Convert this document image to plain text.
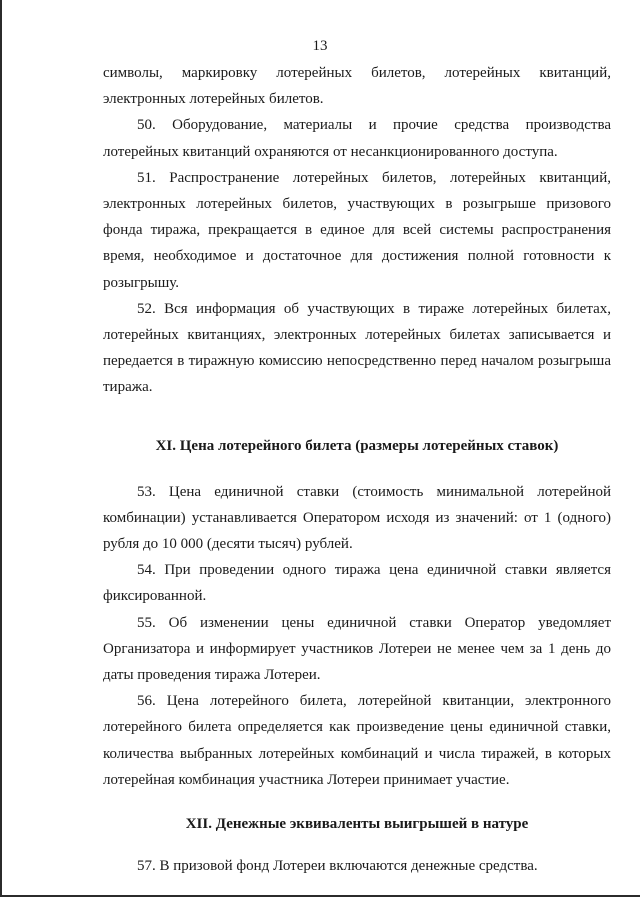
13

символы, маркировку лотерейных билетов, лотерейных квитанций, электронных лотерейных билетов.

50. Оборудование, материалы и прочие средства производства лотерейных квитанций охраняются от несанкционированного доступа.

51. Распространение лотерейных билетов, лотерейных квитанций, электронных лотерейных билетов, участвующих в розыгрыше призового фонда тиража, прекращается в единое для всей системы распространения время, необходимое и достаточное для достижения полной готовности к розыгрышу.

52. Вся информация об участвующих в тираже лотерейных билетах, лотерейных квитанциях, электронных лотерейных билетах записывается и передается в тиражную комиссию непосредственно перед началом розыгрыша тиража.

XI. Цена лотерейного билета (размеры лотерейных ставок)

53. Цена единичной ставки (стоимость минимальной лотерейной комбинации) устанавливается Оператором исходя из значений: от 1 (одного) рубля до 10 000 (десяти тысяч) рублей.

54. При проведении одного тиража цена единичной ставки является фиксированной.

55. Об изменении цены единичной ставки Оператор уведомляет Организатора и информирует участников Лотереи не менее чем за 1 день до даты проведения тиража Лотереи.

56. Цена лотерейного билета, лотерейной квитанции, электронного лотерейного билета определяется как произведение цены единичной ставки, количества выбранных лотерейных комбинаций и числа тиражей, в которых лотерейная комбинация участника Лотереи принимает участие.

XII. Денежные эквиваленты выигрышей в натуре

57. В призовой фонд Лотереи включаются денежные средства.
